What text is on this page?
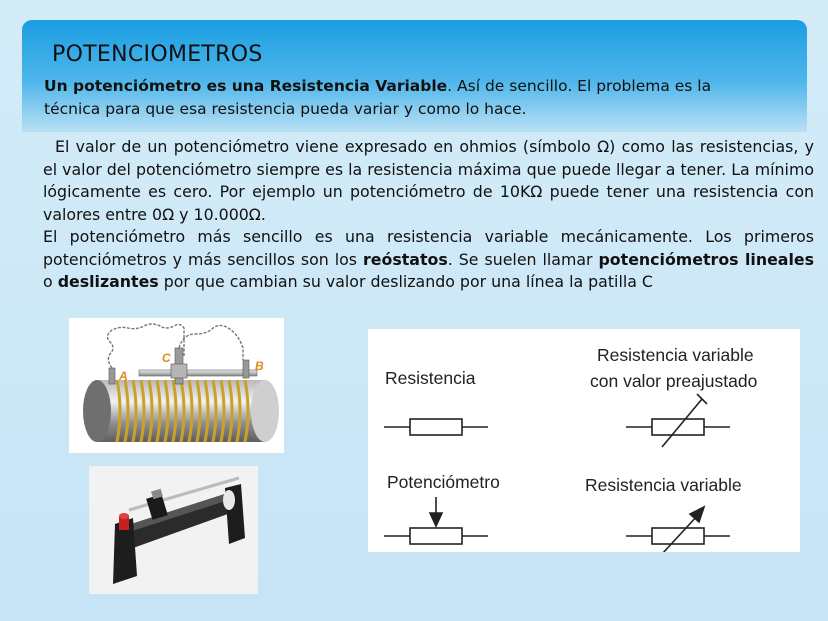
POTENCIOMETROS
Un potenciómetro es una Resistencia Variable. Así de sencillo. El problema es la técnica para que esa resistencia pueda variar y como lo hace.

El valor de un potenciómetro viene expresado en ohmios (símbolo Ω) como las resistencias, y el valor del potenciómetro siempre es la resistencia máxima que puede llegar a tener. La mínimo lógicamente es cero. Por ejemplo un potenciómetro de 10KΩ puede tener una resistencia con valores entre 0Ω y 10.000Ω.

El potenciómetro más sencillo es una resistencia variable mecánicamente. Los primeros potenciómetros y más sencillos son los reóstatos. Se suelen llamar potenciómetros lineales o deslizantes por que cambian su valor deslizando por una línea la patilla C

A
B
C
Resistencia
Resistencia variable
con valor preajustado
Potenciómetro	Resistencia variable
